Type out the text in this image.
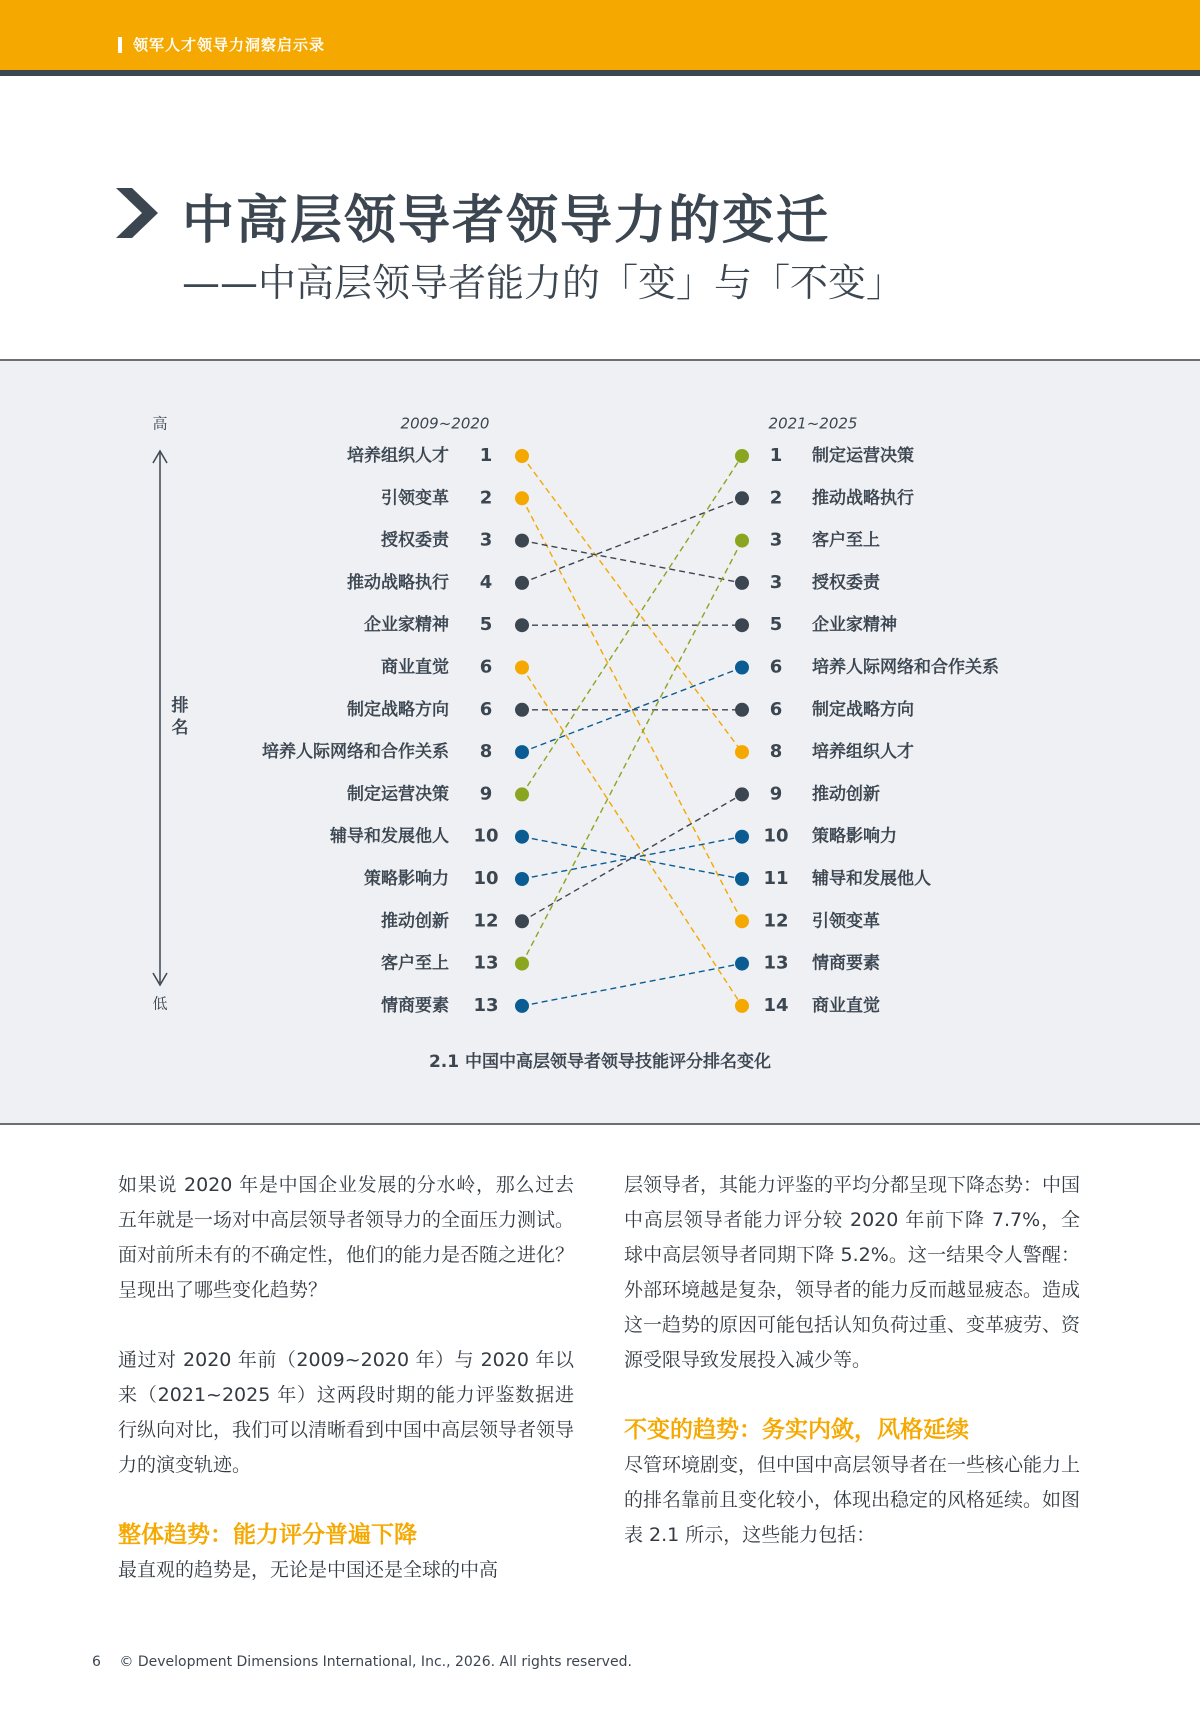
领军人才领导力洞察启示录
中高层领导者领导力的变迁
——中高层领导者能力的「变」与「不变」
高
低
排
名
2009~2020	2021~2025
培养组织人才 1
引领变革 2
授权委责 3
推动战略执行 4
企业家精神 5
商业直觉 6
制定战略方向 6
培养人际网络和合作关系 8
制定运营决策 9
辅导和发展他人 10
策略影响力 10
推动创新 12
客户至上 13
情商要素 13
1 制定运营决策
2 推动战略执行
3 客户至上
3 授权委责
5 企业家精神
6 培养人际网络和合作关系
6 制定战略方向
8 培养组织人才
9 推动创新
10 策略影响力
11 辅导和发展他人
12 引领变革
13 情商要素
14 商业直觉
2.1 中国中高层领导者领导技能评分排名变化

如果说 2020 年是中国企业发展的分水岭，那么过去五年就是一场对中高层领导者领导力的全面压力测试。面对前所未有的不确定性，他们的能力是否随之进化？呈现出了哪些变化趋势？

通过对 2020 年前（2009~2020 年）与 2020 年以来（2021~2025 年）这两段时期的能力评鉴数据进行纵向对比，我们可以清晰看到中国中高层领导者领导力的演变轨迹。

整体趋势：能力评分普遍下降

最直观的趋势是，无论是中国还是全球的中高

层领导者，其能力评鉴的平均分都呈现下降态势：中国中高层领导者能力评分较 2020 年前下降 7.7%，全球中高层领导者同期下降 5.2%。这一结果令人警醒：外部环境越是复杂，领导者的能力反而越显疲态。造成这一趋势的原因可能包括认知负荷过重、变革疲劳、资源受限导致发展投入减少等。

不变的趋势：务实内敛，风格延续

尽管环境剧变，但中国中高层领导者在一些核心能力上的排名靠前且变化较小，体现出稳定的风格延续。如图表 2.1 所示，这些能力包括：

6 © Development Dimensions International, Inc., 2026. All rights reserved.
